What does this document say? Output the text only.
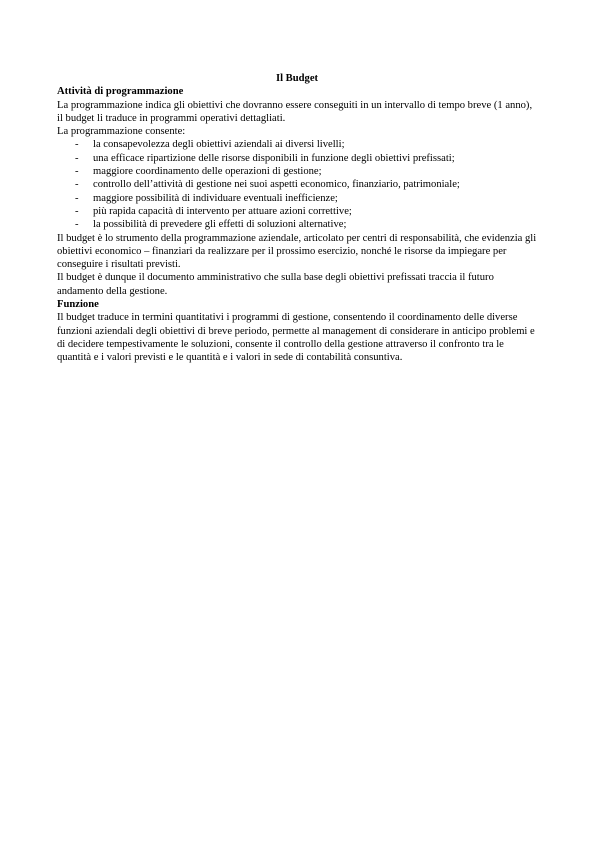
Il Budget

Attività di programmazione

La programmazione indica gli obiettivi che dovranno essere conseguiti in un intervallo di tempo breve (1 anno), il budget li traduce in programmi operativi dettagliati.

La programmazione consente:

- la consapevolezza degli obiettivi aziendali ai diversi livelli;
- una efficace ripartizione delle risorse disponibili in funzione degli obiettivi prefissati;
- maggiore coordinamento delle operazioni di gestione;
- controllo dell’attività di gestione nei suoi aspetti economico, finanziario, patrimoniale;
- maggiore possibilità di individuare eventuali inefficienze;
- più rapida capacità di intervento per attuare azioni correttive;
- la possibilità di prevedere gli effetti di soluzioni alternative;

Il budget è lo strumento della programmazione aziendale, articolato per centri di responsabilità, che evidenzia gli obiettivi economico – finanziari da realizzare per il prossimo esercizio, nonché le risorse da impiegare per conseguire i risultati previsti.

Il budget è dunque il documento amministrativo che sulla base degli obiettivi prefissati traccia il futuro andamento della gestione.

Funzione

Il budget traduce in termini quantitativi i programmi di gestione, consentendo il coordinamento delle diverse funzioni aziendali degli obiettivi di breve periodo, permette al management di considerare in anticipo problemi e di decidere tempestivamente le soluzioni, consente il controllo della gestione attraverso il confronto tra le quantità e i valori previsti e le quantità e i valori in sede di contabilità consuntiva.
